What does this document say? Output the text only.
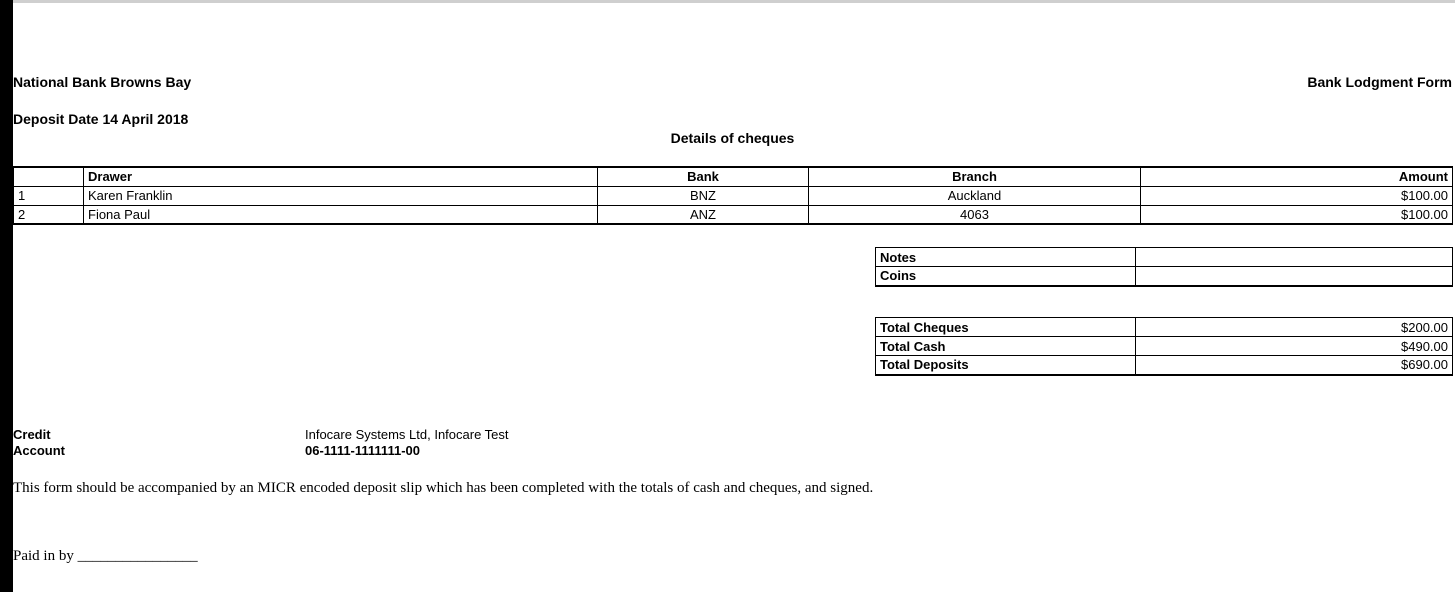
National Bank Browns Bay	Bank Lodgment Form
Deposit Date 14 April 2018
Details of cheques
	Drawer	Bank	Branch	Amount
1	Karen Franklin	BNZ	Auckland	$100.00
2	Fiona Paul	ANZ	4063	$100.00
Notes	
Coins	
Total Cheques	$200.00
Total Cash	$490.00
Total Deposits	$690.00
Credit	Infocare Systems Ltd, Infocare Test
Account	06-1111-1111111-00
This form should be accompanied by an MICR encoded deposit slip which has been completed with the totals of cash and cheques, and signed.
Paid in by ________________
